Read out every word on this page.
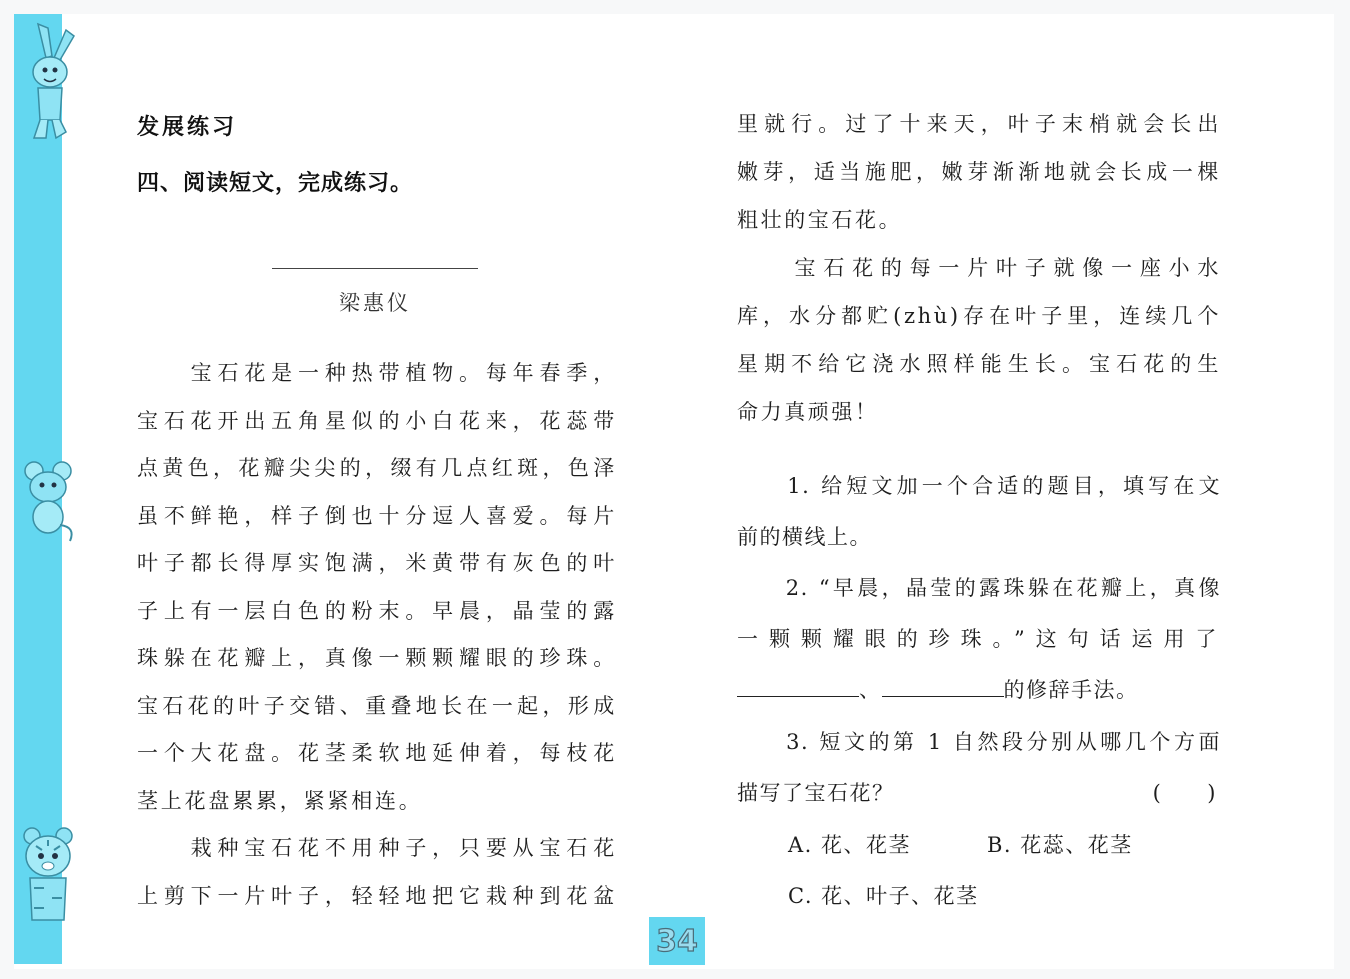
发展练习
四、阅读短文，完成练习。
梁惠仪
　　宝石花是一种热带植物。每年春季，
宝石花开出五角星似的小白花来，花蕊带
点黄色，花瓣尖尖的，缀有几点红斑，色泽
虽不鲜艳，样子倒也十分逗人喜爱。每片
叶子都长得厚实饱满，米黄带有灰色的叶
子上有一层白色的粉末。早晨，晶莹的露
珠躲在花瓣上，真像一颗颗耀眼的珍珠。
宝石花的叶子交错、重叠地长在一起，形成
一个大花盘。花茎柔软地延伸着，每枝花
茎上花盘累累，紧紧相连。
　　栽种宝石花不用种子，只要从宝石花
上剪下一片叶子，轻轻地把它栽种到花盆
里就行。过了十来天，叶子末梢就会长出
嫩芽，适当施肥，嫩芽渐渐地就会长成一棵
粗壮的宝石花。
　　宝石花的每一片叶子就像一座小水
库，水分都贮(zhù)存在叶子里，连续几个
星期不给它浇水照样能生长。宝石花的生
命力真顽强！
　　1. 给短文加一个合适的题目，填写在文
前的横线上。
　　2. “早晨，晶莹的露珠躲在花瓣上，真像
一颗颗耀眼的珍珠。”这句话运用了
、	的修辞手法。
　　3. 短文的第 1 自然段分别从哪几个方面
描写了宝石花？	(　　)
A. 花、花茎	B. 花蕊、花茎
C. 花、叶子、花茎
34
